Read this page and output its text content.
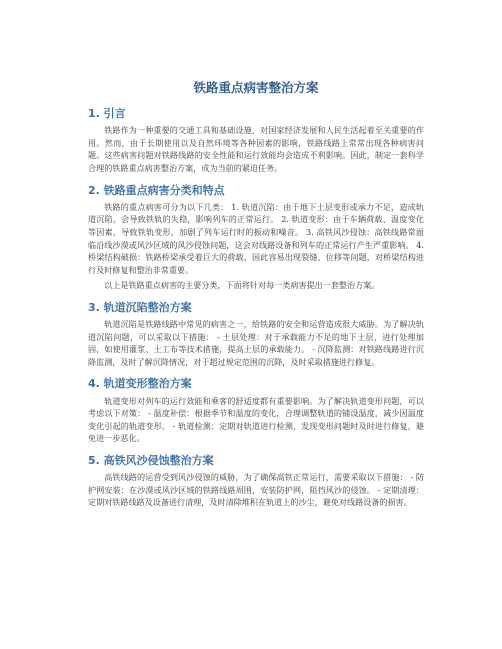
铁路重点病害整治方案
1. 引言

铁路作为一种重要的交通工具和基础设施，对国家经济发展和人民生活起着至关重要的作用。然而，由于长期使用以及自然环境等各种因素的影响，铁路线路上常常出现各种病害问题。这些病害问题对铁路线路的安全性能和运行效能均会造成不利影响。因此，制定一套科学合理的铁路重点病害整治方案，成为当前的紧迫任务。

2. 铁路重点病害分类和特点

铁路的重点病害可分为以下几类： 1. 轨道沉陷：由于地下土层变形或承力不足，造成轨道沉陷，会导致铁轨的失稳，影响列车的正常运行。 2. 轨道变形：由于车辆荷载、温度变化等因素，导致铁轨变形，加剧了列车运行时的振动和噪音。 3. 高铁风沙侵蚀：高铁线路常面临沿线沙漠或风沙区域的风沙侵蚀问题，这会对线路设备和列车的正常运行产生严重影响。 4. 桥梁结构破损：铁路桥梁承受着巨大的荷载，因此容易出现裂缝、位移等问题，对桥梁结构进行及时修复和整治非常重要。

以上是铁路重点病害的主要分类，下面将针对每一类病害提出一套整治方案。

3. 轨道沉陷整治方案

轨道沉陷是铁路线路中常见的病害之一，给铁路的安全和运营造成很大威胁。为了解决轨道沉陷问题，可以采取以下措施： - 土层处理：对于承载能力不足的地下土层，进行处理加固，如使用灌浆、土工布等技术措施，提高土层的承载能力。 - 沉降监测：对铁路线路进行沉降监测，及时了解沉降情况，对于超过规定范围的沉降，及时采取措施进行修复。

4. 轨道变形整治方案

轨道变形对列车的运行效能和乘客的舒适度都有重要影响。为了解决轨道变形问题，可以考虑以下对策： - 温度补偿：根据季节和温度的变化，合理调整轨道的铺设温度，减少因温度变化引起的轨道变形。 - 轨道检测：定期对轨道进行检测，发现变形问题时及时进行修复，避免进一步恶化。

5. 高铁风沙侵蚀整治方案

高铁线路的运营受到风沙侵蚀的威胁，为了确保高铁正常运行，需要采取以下措施： - 防护网安装：在沙漠或风沙区域的铁路线路周围，安装防护网，阻挡风沙的侵蚀。 - 定期清理：定期对铁路线路及设备进行清理，及时清除堆积在轨道上的沙尘，避免对线路设备的损害。
